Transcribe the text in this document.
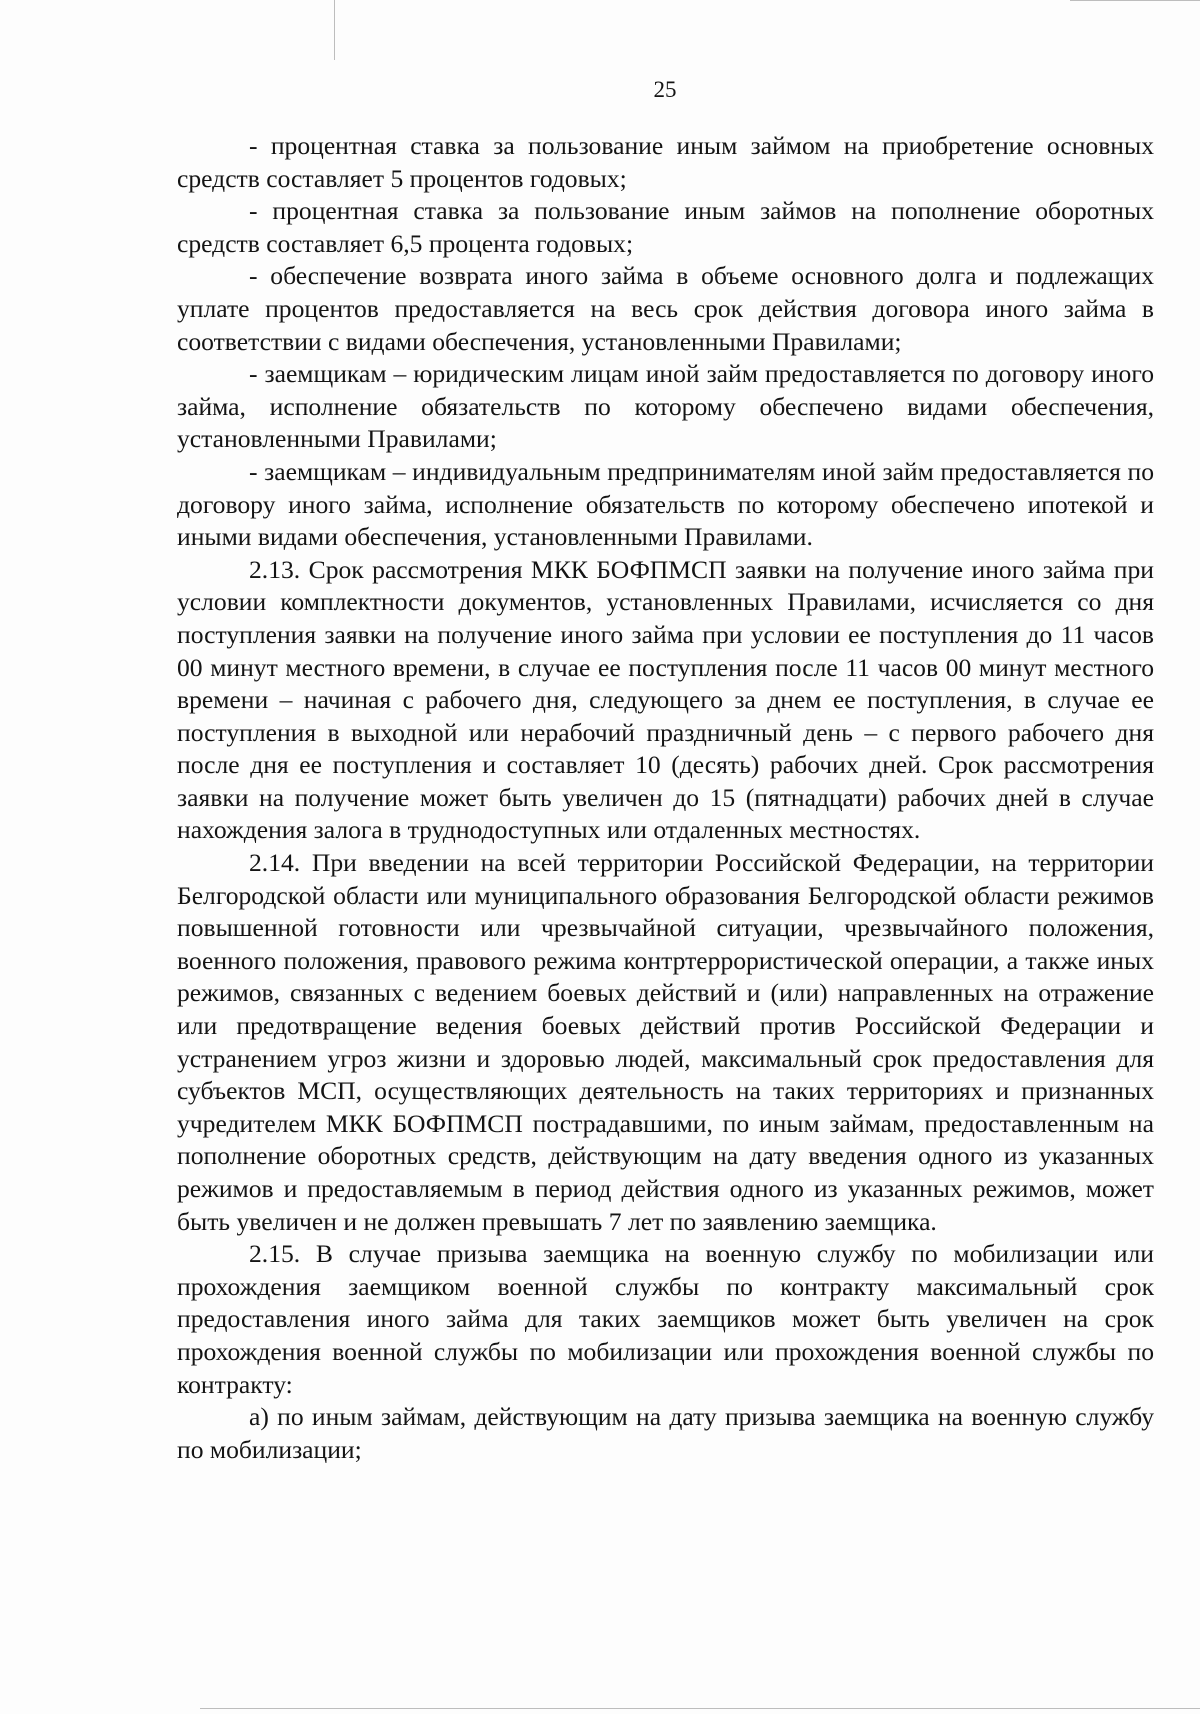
25

- процентная ставка за пользование иным займом на приобретение основных средств составляет 5 процентов годовых;

- процентная ставка за пользование иным займов на пополнение оборотных средств составляет 6,5 процента годовых;

- обеспечение возврата иного займа в объеме основного долга и подлежащих уплате процентов предоставляется на весь срок действия договора иного займа в соответствии с видами обеспечения, установленными Правилами;

- заемщикам – юридическим лицам иной займ предоставляется по договору иного займа, исполнение обязательств по которому обеспечено видами обеспечения, установленными Правилами;

- заемщикам – индивидуальным предпринимателям иной займ предоставляется по договору иного займа, исполнение обязательств по которому обеспечено ипотекой и иными видами обеспечения, установленными Правилами.

2.13. Срок рассмотрения МКК БОФПМСП заявки на получение иного займа при условии комплектности документов, установленных Правилами, исчисляется со дня поступления заявки на получение иного займа при условии ее поступления до 11 часов 00 минут местного времени, в случае ее поступления после 11 часов 00 минут местного времени – начиная с рабочего дня, следующего за днем ее поступления, в случае ее поступления в выходной или нерабочий праздничный день – с первого рабочего дня после дня ее поступления и составляет 10 (десять) рабочих дней. Срок рассмотрения заявки на получение может быть увеличен до 15 (пятнадцати) рабочих дней в случае нахождения залога в труднодоступных или отдаленных местностях.

2.14. При введении на всей территории Российской Федерации, на территории Белгородской области или муниципального образования Белгородской области режимов повышенной готовности или чрезвычайной ситуации, чрезвычайного положения, военного положения, правового режима контртеррористической операции, а также иных режимов, связанных с ведением боевых действий и (или) направленных на отражение или предотвращение ведения боевых действий против Российской Федерации и устранением угроз жизни и здоровью людей, максимальный срок предоставления для субъектов МСП, осуществляющих деятельность на таких территориях и признанных учредителем МКК БОФПМСП пострадавшими, по иным займам, предоставленным на пополнение оборотных средств, действующим на дату введения одного из указанных режимов и предоставляемым в период действия одного из указанных режимов, может быть увеличен и не должен превышать 7 лет по заявлению заемщика.

2.15. В случае призыва заемщика на военную службу по мобилизации или прохождения заемщиком военной службы по контракту максимальный срок предоставления иного займа для таких заемщиков может быть увеличен на срок прохождения военной службы по мобилизации или прохождения военной службы по контракту:

а) по иным займам, действующим на дату призыва заемщика на военную службу по мобилизации;
